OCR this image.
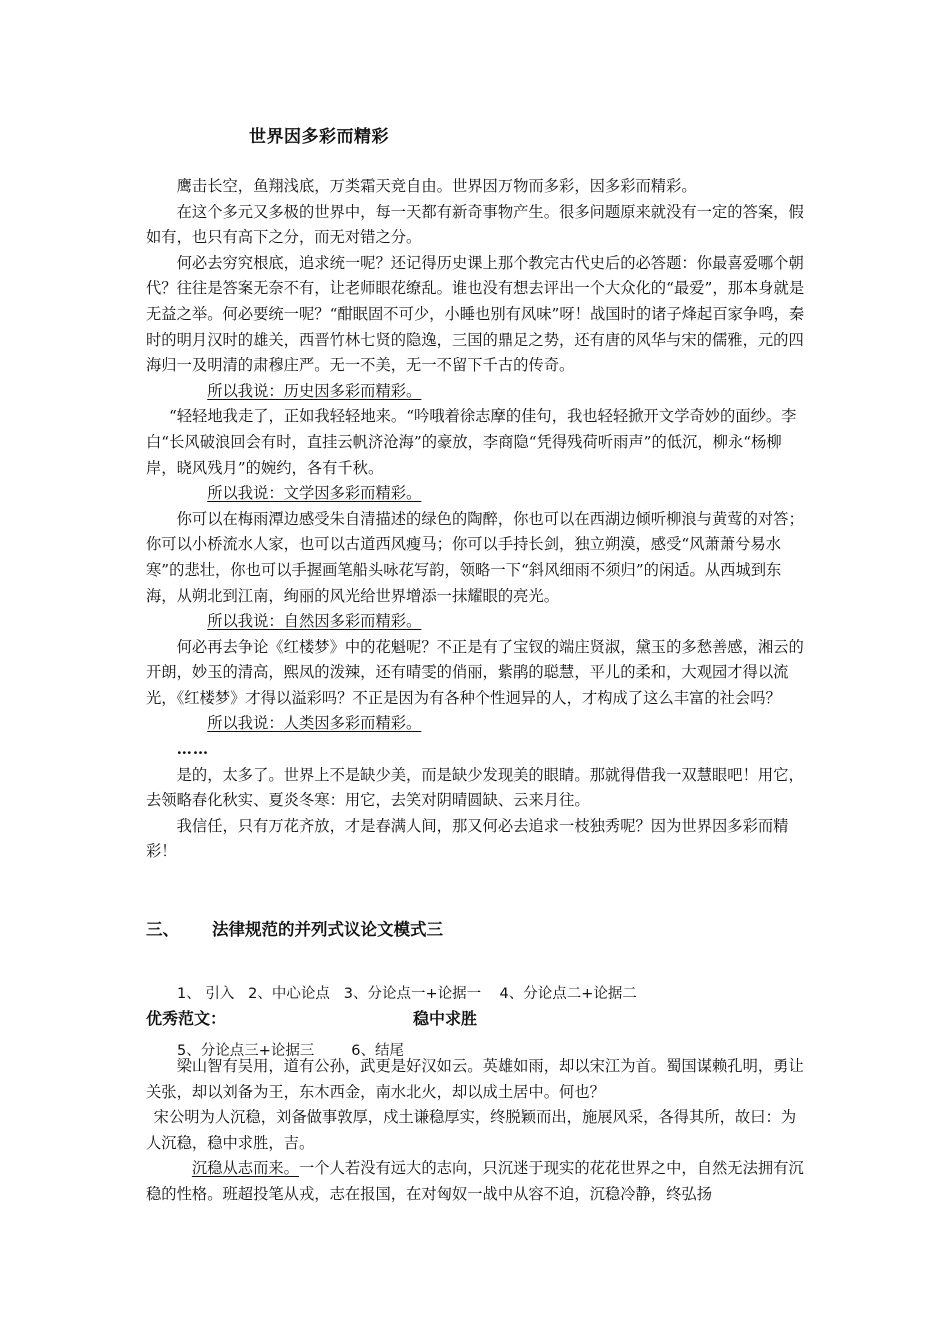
世界因多彩而精彩

鹰击长空，鱼翔浅底，万类霜天竞自由。世界因万物而多彩，因多彩而精彩。

在这个多元又多极的世界中，每一天都有新奇事物产生。很多问题原来就没有一定的答案，假如有，也只有高下之分，而无对错之分。

何必去穷究根底，追求统一呢？还记得历史课上那个教完古代史后的必答题：你最喜爱哪个朝代？往往是答案无奈不有，让老师眼花缭乱。谁也没有想去评出一个大众化的“最爱”，那本身就是无益之举。何必要统一呢？“酣眠固不可少，小睡也别有风味”呀！战国时的诸子烽起百家争鸣，秦时的明月汉时的雄关，西晋竹林七贤的隐逸，三国的鼎足之势，还有唐的风华与宋的儒雅，元的四海归一及明清的肃穆庄严。无一不美，无一不留下千古的传奇。

所以我说：历史因多彩而精彩。

“轻轻地我走了，正如我轻轻地来。“吟哦着徐志摩的佳句，我也轻轻掀开文学奇妙的面纱。李白“长风破浪回会有时，直挂云帆济沧海”的豪放，李商隐“凭得残荷听雨声”的低沉，柳永“杨柳岸，晓风残月”的婉约，各有千秋。

所以我说：文学因多彩而精彩。

你可以在梅雨潭边感受朱自清描述的绿色的陶醉，你也可以在西湖边倾听柳浪与黄莺的对答；你可以小桥流水人家，也可以古道西风瘦马；你可以手持长剑，独立朔漠，感受“风萧萧兮易水寒”的悲壮，你也可以手握画笔船头咏花写韵，领略一下“斜风细雨不须归”的闲适。从西城到东海，从朔北到江南，绚丽的风光给世界增添一抹耀眼的亮光。

所以我说：自然因多彩而精彩。

何必再去争论《红楼梦》中的花魁呢？不正是有了宝钗的端庄贤淑，黛玉的多愁善感，湘云的开朗，妙玉的清高，熙凤的泼辣，还有晴雯的俏丽，紫鹃的聪慧，平儿的柔和，大观园才得以流光，《红楼梦》才得以溢彩吗？不正是因为有各种个性迥异的人，才构成了这么丰富的社会吗？

所以我说：人类因多彩而精彩。

……

是的，太多了。世界上不是缺少美，而是缺少发现美的眼睛。那就得借我一双慧眼吧！用它，去领略春化秋实、夏炎冬寒：用它，去笑对阴晴圆缺、云来月往。

我信任，只有万花齐放，才是春满人间，那又何必去追求一枝独秀呢？因为世界因多彩而精彩！

三、 法律规范的并列式议论文模式三

1、 引入   2、中心论点   3、分论点一+论据一    4、分论点二+论据二

5、分论点三+论据三        6、结尾

优秀范文：	稳中求胜

梁山智有吴用，道有公孙，武更是好汉如云。英雄如雨，却以宋江为首。蜀国谋赖孔明，勇让关张，却以刘备为王，东木西金，南水北火，却以成土居中。何也？

宋公明为人沉稳，刘备做事敦厚，戍土谦稳厚实，终脱颖而出，施展风采，各得其所，故曰：为人沉稳，稳中求胜，吉。

沉稳从志而来。一个人若没有远大的志向，只沉迷于现实的花花世界之中，自然无法拥有沉稳的性格。班超投笔从戎，志在报国，在对匈奴一战中从容不迫，沉稳冷静，终弘扬
